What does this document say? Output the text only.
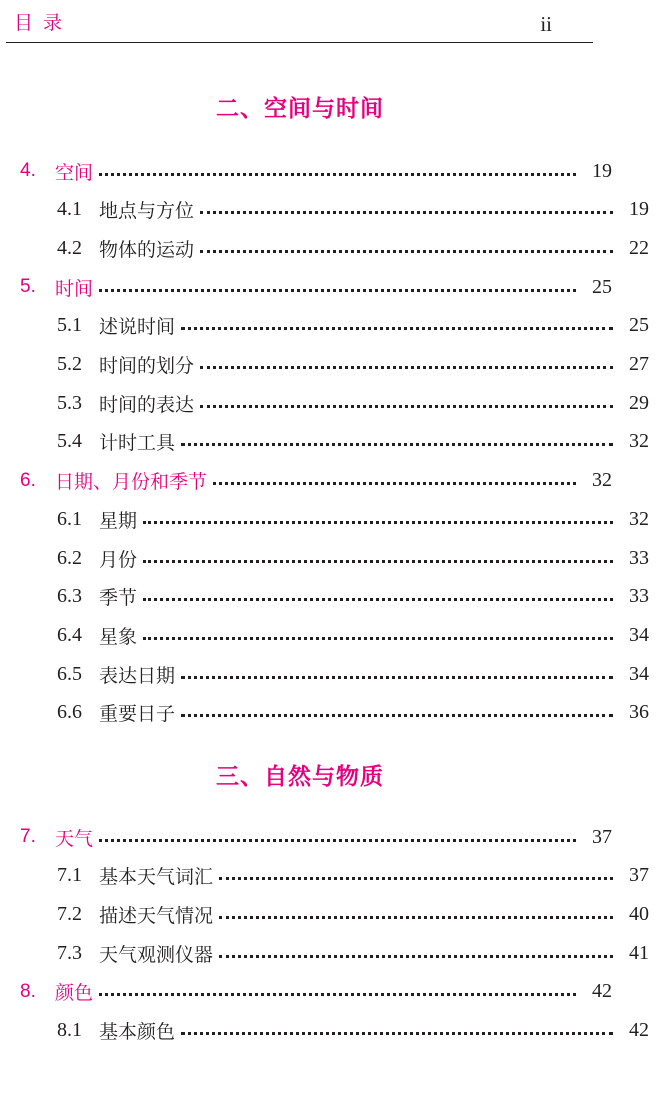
目录	ii
二、空间与时间
4.	空间	19
4.1 地点与方位	19
4.2 物体的运动	22
5.	时间	25
5.1 述说时间	25
5.2 时间的划分	27
5.3 时间的表达	29
5.4 计时工具	32
6.	日期、月份和季节	32
6.1 星期	32
6.2 月份	33
6.3 季节	33
6.4 星象	34
6.5 表达日期	34
6.6 重要日子	36
三、自然与物质
7.	天气	37
7.1 基本天气词汇	37
7.2 描述天气情况	40
7.3 天气观测仪器	41
8.	颜色	42
8.1 基本颜色	42
